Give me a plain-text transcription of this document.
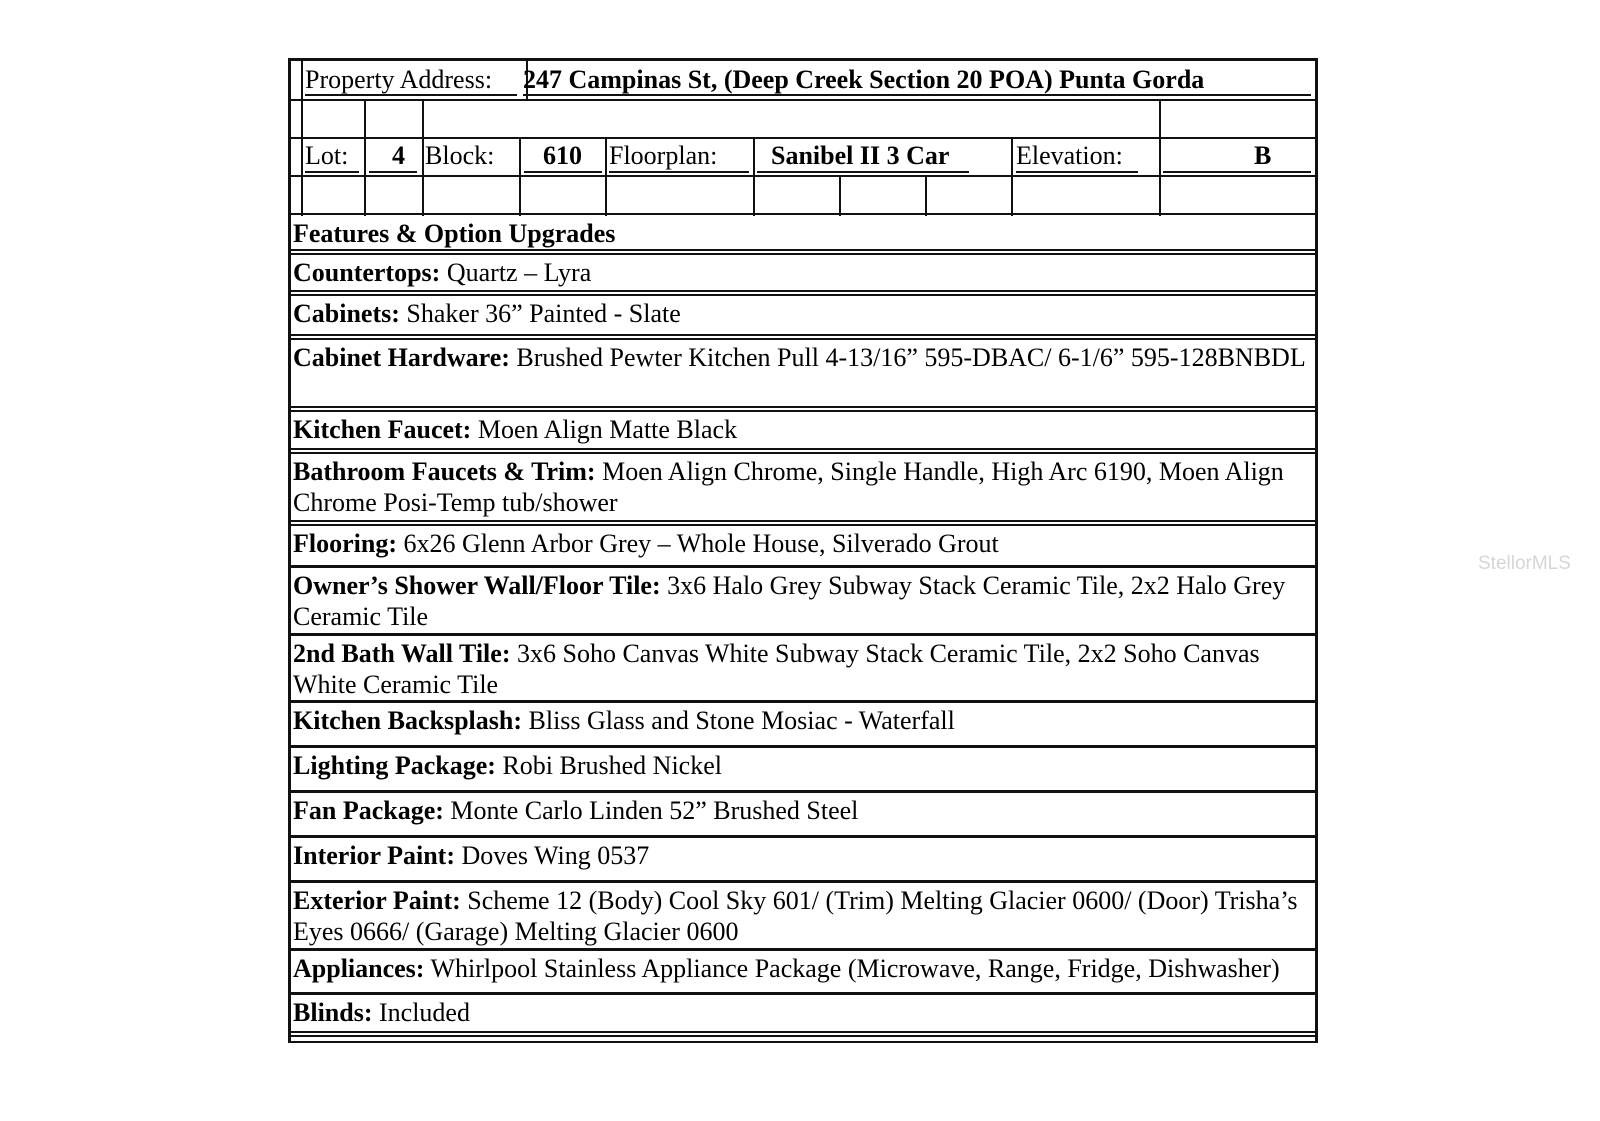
Property Address: 247 Campinas St, (Deep Creek Section 20 POA) Punta Gorda
Lot: 4 Block: 610 Floorplan: Sanibel II 3 Car	Elevation:	B
Features & Option Upgrades
Countertops: Quartz – Lyra
Cabinets: Shaker 36” Painted - Slate
Cabinet Hardware: Brushed Pewter Kitchen Pull 4-13/16” 595-DBAC/ 6-1/6” 595-128BNBDL
Kitchen Faucet: Moen Align Matte Black
Bathroom Faucets & Trim: Moen Align Chrome, Single Handle, High Arc 6190, Moen Align Chrome Posi-Temp tub/shower
Flooring: 6x26 Glenn Arbor Grey – Whole House, Silverado Grout
Owner’s Shower Wall/Floor Tile: 3x6 Halo Grey Subway Stack Ceramic Tile, 2x2 Halo Grey Ceramic Tile
2nd Bath Wall Tile: 3x6 Soho Canvas White Subway Stack Ceramic Tile, 2x2 Soho Canvas White Ceramic Tile
Kitchen Backsplash: Bliss Glass and Stone Mosiac - Waterfall
Lighting Package: Robi Brushed Nickel
Fan Package: Monte Carlo Linden 52” Brushed Steel
Interior Paint: Doves Wing 0537
Exterior Paint: Scheme 12 (Body) Cool Sky 601/ (Trim) Melting Glacier 0600/ (Door) Trisha’s Eyes 0666/ (Garage) Melting Glacier 0600
Appliances: Whirlpool Stainless Appliance Package (Microwave, Range, Fridge, Dishwasher)
Blinds: Included
StellorMLS
